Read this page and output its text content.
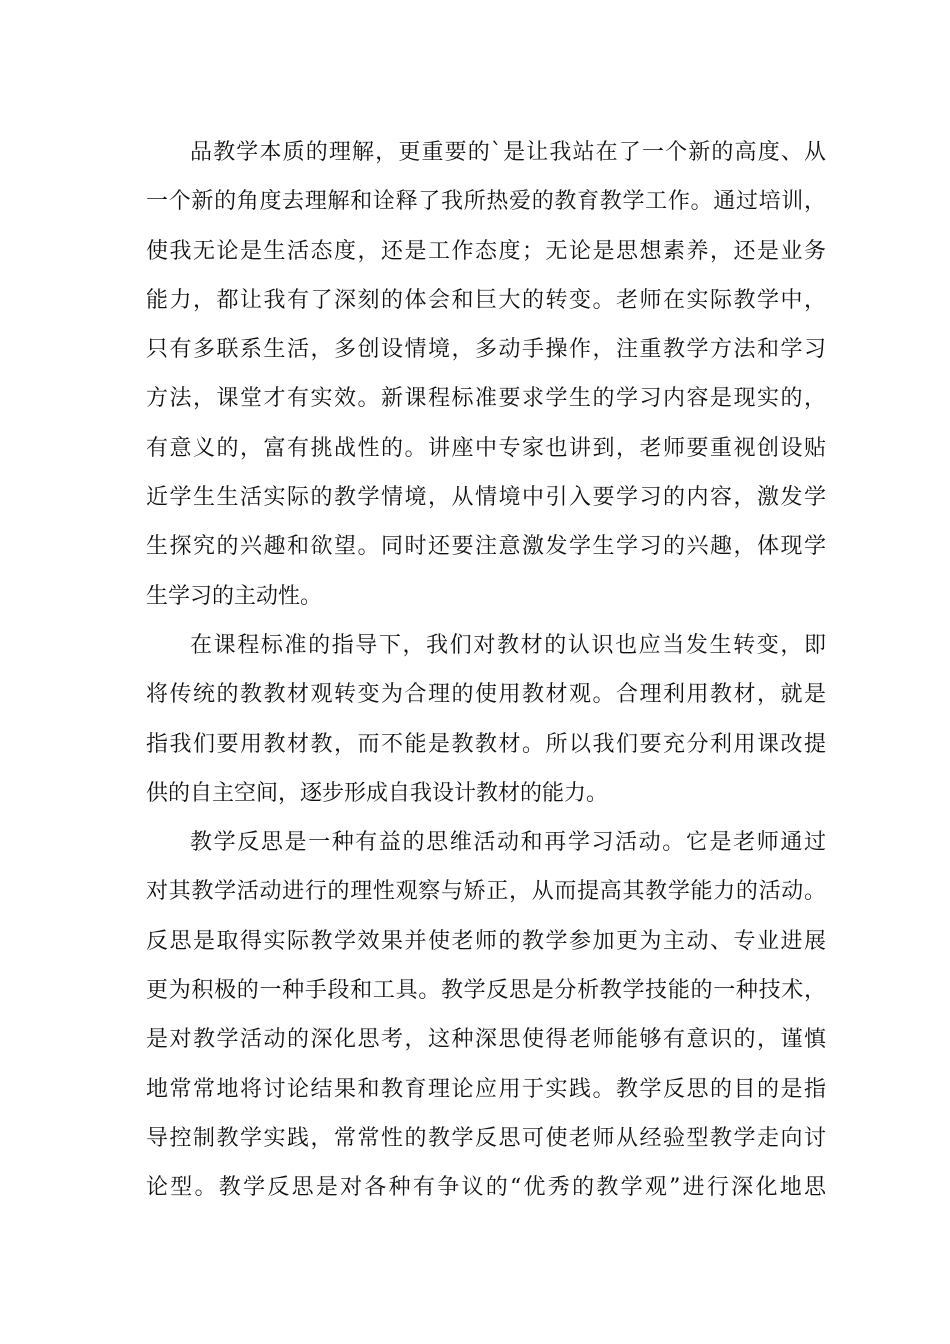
品教学本质的理解，更重要的`是让我站在了一个新的高度、从
一个新的角度去理解和诠释了我所热爱的教育教学工作。通过培训，
使我无论是生活态度，还是工作态度；无论是思想素养，还是业务
能力，都让我有了深刻的体会和巨大的转变。老师在实际教学中，
只有多联系生活，多创设情境，多动手操作，注重教学方法和学习
方法，课堂才有实效。新课程标准要求学生的学习内容是现实的，
有意义的，富有挑战性的。讲座中专家也讲到，老师要重视创设贴
近学生生活实际的教学情境，从情境中引入要学习的内容，激发学
生探究的兴趣和欲望。同时还要注意激发学生学习的兴趣，体现学
生学习的主动性。
在课程标准的指导下，我们对教材的认识也应当发生转变，即
将传统的教教材观转变为合理的使用教材观。合理利用教材，就是
指我们要用教材教，而不能是教教材。所以我们要充分利用课改提
供的自主空间，逐步形成自我设计教材的能力。
教学反思是一种有益的思维活动和再学习活动。它是老师通过
对其教学活动进行的理性观察与矫正，从而提高其教学能力的活动。
反思是取得实际教学效果并使老师的教学参加更为主动、专业进展
更为积极的一种手段和工具。教学反思是分析教学技能的一种技术，
是对教学活动的深化思考，这种深思使得老师能够有意识的，谨慎
地常常地将讨论结果和教育理论应用于实践。教学反思的目的是指
导控制教学实践，常常性的教学反思可使老师从经验型教学走向讨
论型。教学反思是对各种有争议的“优秀的教学观”进行深化地思
